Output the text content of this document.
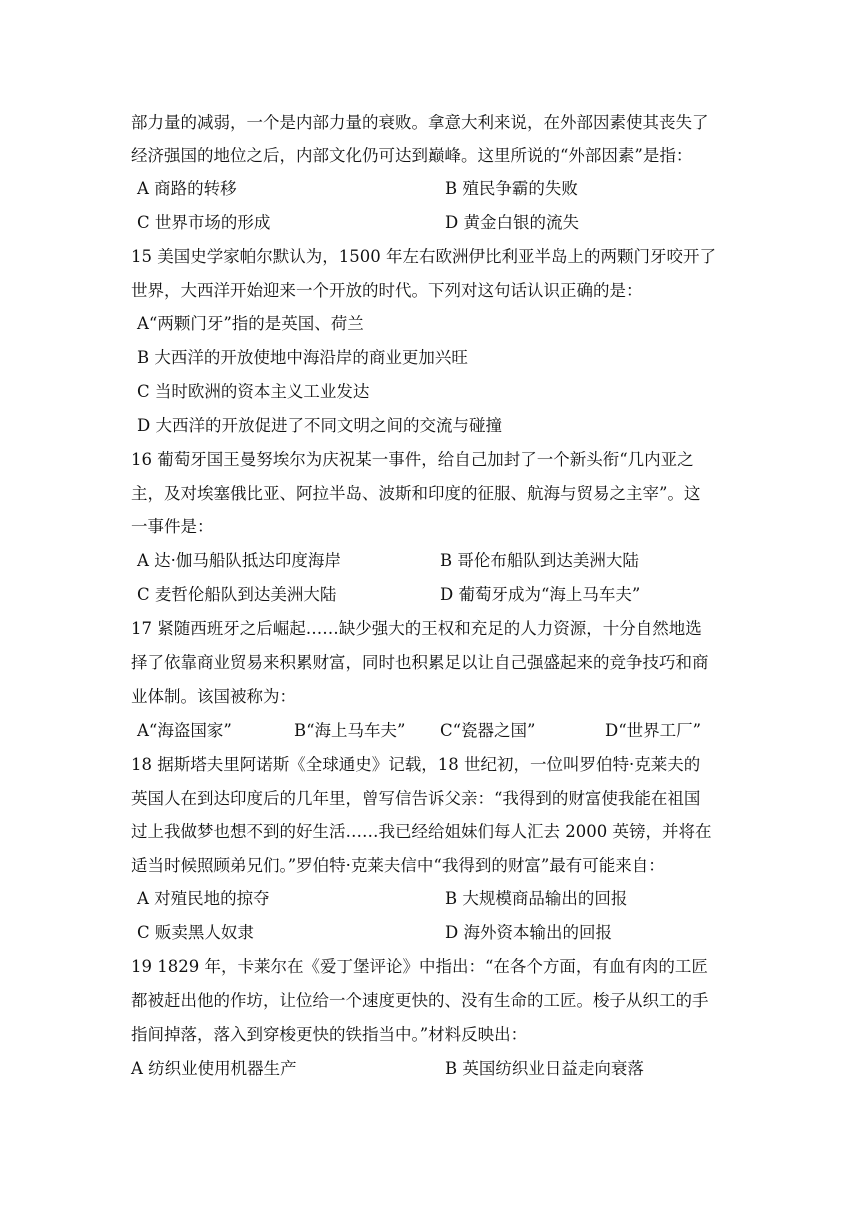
部力量的减弱，一个是内部力量的衰败。拿意大利来说，在外部因素使其丧失了
经济强国的地位之后，内部文化仍可达到巅峰。这里所说的“外部因素”是指：
A 商路的转移	B 殖民争霸的失败
C 世界市场的形成	D 黄金白银的流失
15 美国史学家帕尔默认为，1500 年左右欧洲伊比利亚半岛上的两颗门牙咬开了
世界，大西洋开始迎来一个开放的时代。下列对这句话认识正确的是：
A“两颗门牙”指的是英国、荷兰
B 大西洋的开放使地中海沿岸的商业更加兴旺
C 当时欧洲的资本主义工业发达
D 大西洋的开放促进了不同文明之间的交流与碰撞
16 葡萄牙国王曼努埃尔为庆祝某一事件，给自己加封了一个新头衔“几内亚之
主，及对埃塞俄比亚、阿拉半岛、波斯和印度的征服、航海与贸易之主宰”。这
一事件是：
A 达·伽马船队抵达印度海岸	B 哥伦布船队到达美洲大陆
C 麦哲伦船队到达美洲大陆	D 葡萄牙成为“海上马车夫”
17 紧随西班牙之后崛起……缺少强大的王权和充足的人力资源，十分自然地选
择了依靠商业贸易来积累财富，同时也积累足以让自己强盛起来的竞争技巧和商
业体制。该国被称为：
A“海盗国家”	B“海上马车夫” C“瓷器之国”	D“世界工厂”
18 据斯塔夫里阿诺斯《全球通史》记载，18 世纪初，一位叫罗伯特·克莱夫的
英国人在到达印度后的几年里，曾写信告诉父亲：“我得到的财富使我能在祖国
过上我做梦也想不到的好生活……我已经给姐妹们每人汇去 2000 英镑，并将在
适当时候照顾弟兄们。”罗伯特·克莱夫信中“我得到的财富”最有可能来自：
A 对殖民地的掠夺	B 大规模商品输出的回报
C 贩卖黑人奴隶	D 海外资本输出的回报
19 1829 年，卡莱尔在《爱丁堡评论》中指出：“在各个方面，有血有肉的工匠
都被赶出他的作坊，让位给一个速度更快的、没有生命的工匠。梭子从织工的手
指间掉落，落入到穿梭更快的铁指当中。”材料反映出：
A 纺织业使用机器生产	B 英国纺织业日益走向衰落
